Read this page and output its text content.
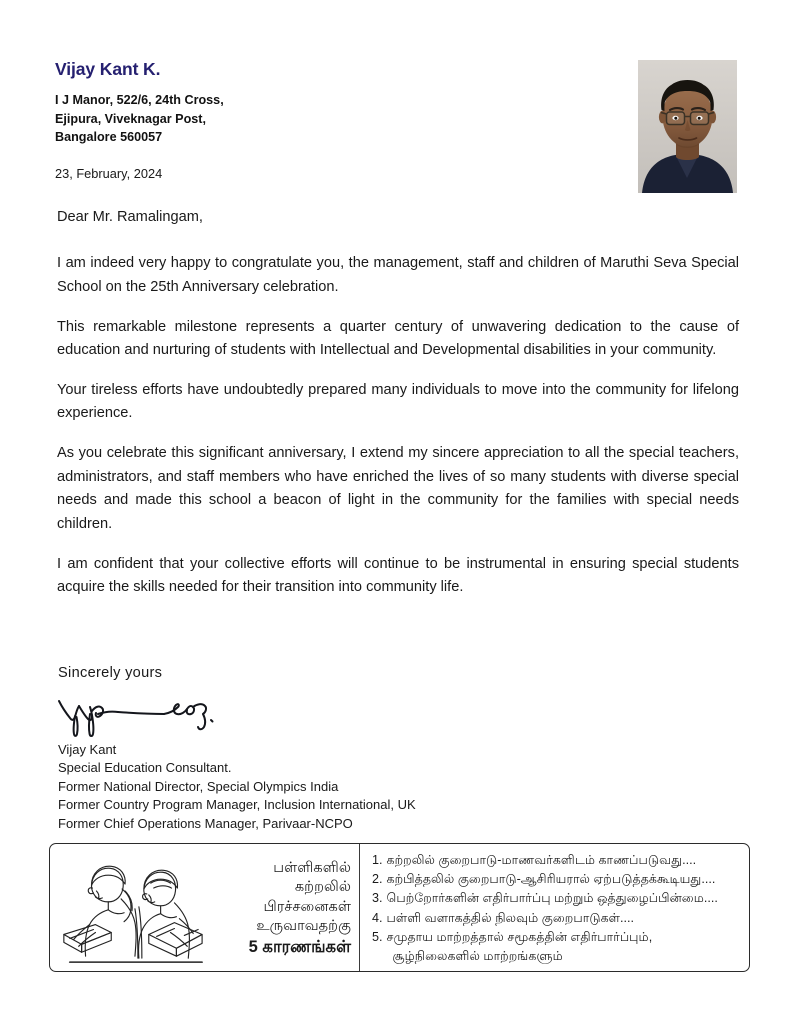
Vijay Kant K.
I J Manor, 522/6, 24th Cross,
Ejipura, Viveknagar Post,
Bangalore 560057
23, February, 2024

Dear Mr. Ramalingam,

I am indeed very happy to congratulate you, the management, staff and children of Maruthi Seva Special School on the 25th Anniversary celebration.

This remarkable milestone represents a quarter century of unwavering dedication to the cause of education and nurturing of students with Intellectual and Developmental disabilities in your community.

Your tireless efforts have undoubtedly prepared many individuals to move into the community for lifelong experience.

As you celebrate this significant anniversary, I extend my sincere appreciation to all the special teachers, administrators, and staff members who have enriched the lives of so many students with diverse special needs and made this school a beacon of light in the community for the families with special needs children.

I am confident that your collective efforts will continue to be instrumental in ensuring special students acquire the skills needed for their transition into community life.

Sincerely yours

Vijay Kant
Special Education Consultant.
Former National Director, Special Olympics India
Former Country Program Manager, Inclusion International, UK
Former Chief Operations Manager, Parivaar-NCPO
பள்ளிகளில்
கற்றலில்
பிரச்சனைகள்
உருவாவதற்கு
5 காரணங்கள்
1. கற்றலில் குறைபாடு-மாணவர்களிடம் காணப்படுவது....
2. கற்பித்தலில் குறைபாடு-ஆசிரியரால் ஏற்படுத்தக்கூடியது....
3. பெற்றோர்களின் எதிர்பார்ப்பு மற்றும் ஒத்துழைப்பின்மை....
4. பள்ளி வளாகத்தில் நிலவும் குறைபாடுகள்....
5. சமுதாய மாற்றத்தால் சமூகத்தின் எதிர்பார்ப்பும்,
சூழ்நிலைகளில் மாற்றங்களும்
